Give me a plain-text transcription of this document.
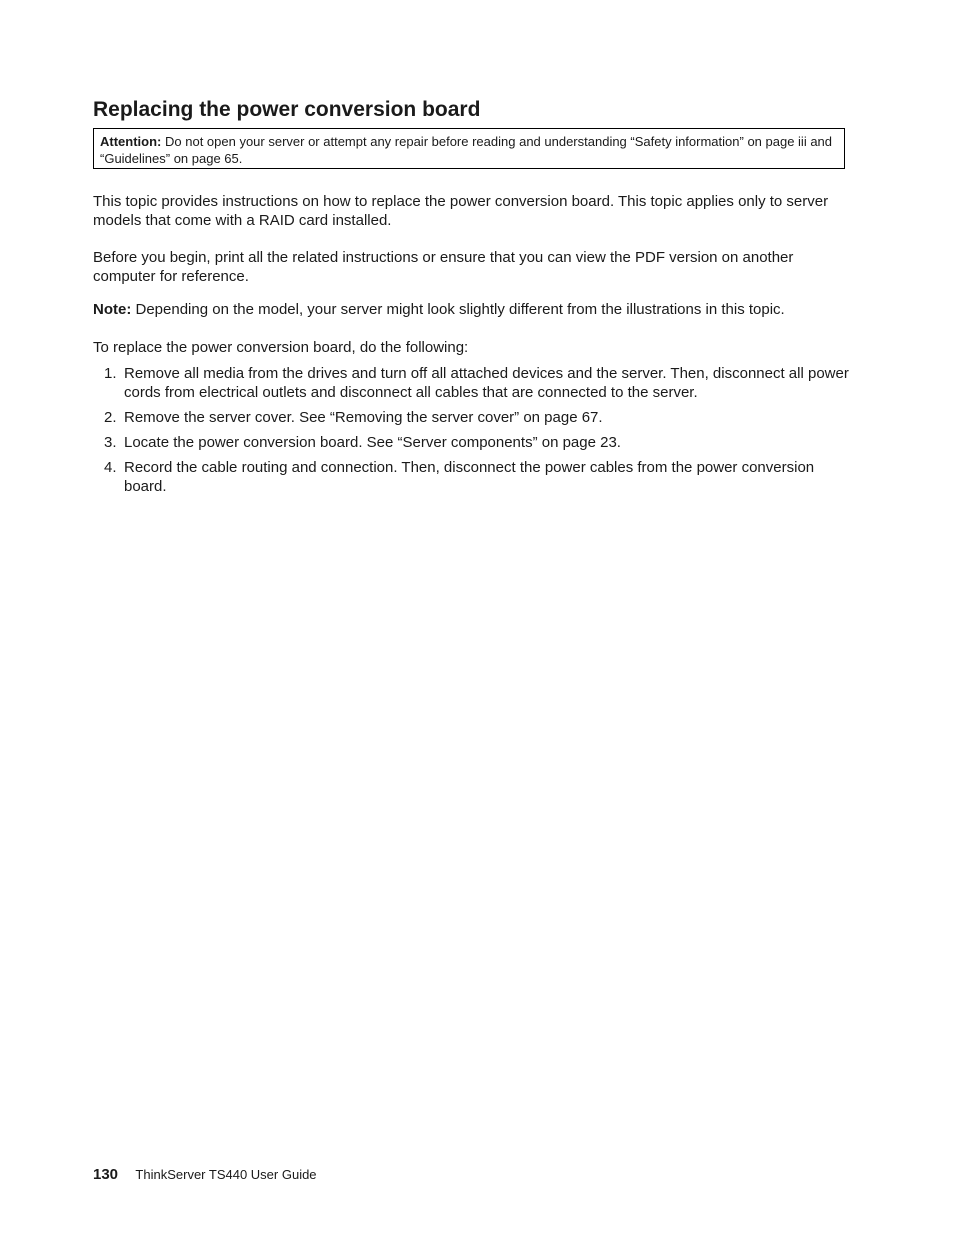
Replacing the power conversion board
Attention: Do not open your server or attempt any repair before reading and understanding “Safety information” on page iii and “Guidelines” on page 65.

This topic provides instructions on how to replace the power conversion board. This topic applies only to server models that come with a RAID card installed.

Before you begin, print all the related instructions or ensure that you can view the PDF version on another computer for reference.

Note: Depending on the model, your server might look slightly different from the illustrations in this topic.

To replace the power conversion board, do the following:

1. Remove all media from the drives and turn off all attached devices and the server. Then, disconnect all power cords from electrical outlets and disconnect all cables that are connected to the server.
2. Remove the server cover. See “Removing the server cover” on page 67.
3. Locate the power conversion board. See “Server components” on page 23.
4. Record the cable routing and connection. Then, disconnect the power cables from the power conversion board.
130 ThinkServer TS440 User Guide
